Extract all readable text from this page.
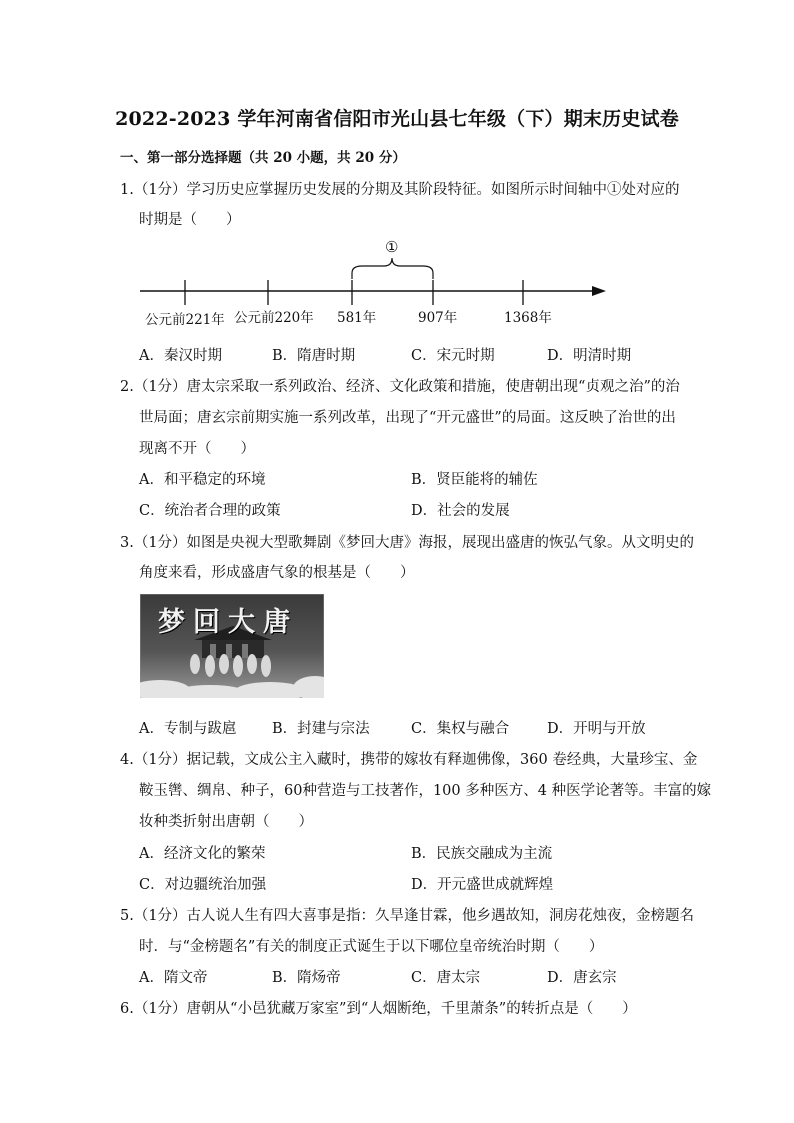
2022-2023 学年河南省信阳市光山县七年级（下）期末历史试卷
一、第一部分选择题（共 20 小题，共 20 分）
1.（1分）学习历史应掌握历史发展的分期及其阶段特征。如图所示时间轴中①处对应的
时期是（　　）
①
公元前221年 公元前220年 581年	907年	1368年
A．秦汉时期	B．隋唐时期	C．宋元时期	D．明清时期
2.（1分）唐太宗采取一系列政治、经济、文化政策和措施，使唐朝出现“贞观之治”的治
世局面；唐玄宗前期实施一系列改革，出现了“开元盛世”的局面。这反映了治世的出
现离不开（　　）
A．和平稳定的环境	B．贤臣能将的辅佐
C．统治者合理的政策	D．社会的发展
3.（1分）如图是央视大型歌舞剧《梦回大唐》海报，展现出盛唐的恢弘气象。从文明史的
角度来看，形成盛唐气象的根基是（　　）
梦回大唐
A．专制与跋扈 B．封建与宗法	C．集权与融合	D．开明与开放
4.（1分）据记载，文成公主入藏时，携带的嫁妆有释迦佛像，360 卷经典，大量珍宝、金
鞍玉辔、绸帛、种子，60种营造与工技著作，100 多种医方、4 种医学论著等。丰富的嫁
妆种类折射出唐朝（　　）
A．经济文化的繁荣	B．民族交融成为主流
C．对边疆统治加强	D．开元盛世成就辉煌
5.（1分）古人说人生有四大喜事是指：久旱逢甘霖，他乡遇故知，洞房花烛夜，金榜题名
时．与“金榜题名”有关的制度正式诞生于以下哪位皇帝统治时期（　　）
A．隋文帝	B．隋炀帝	C．唐太宗	D．唐玄宗
6.（1分）唐朝从“小邑犹藏万家室”到“人烟断绝，千里萧条”的转折点是（　　）
